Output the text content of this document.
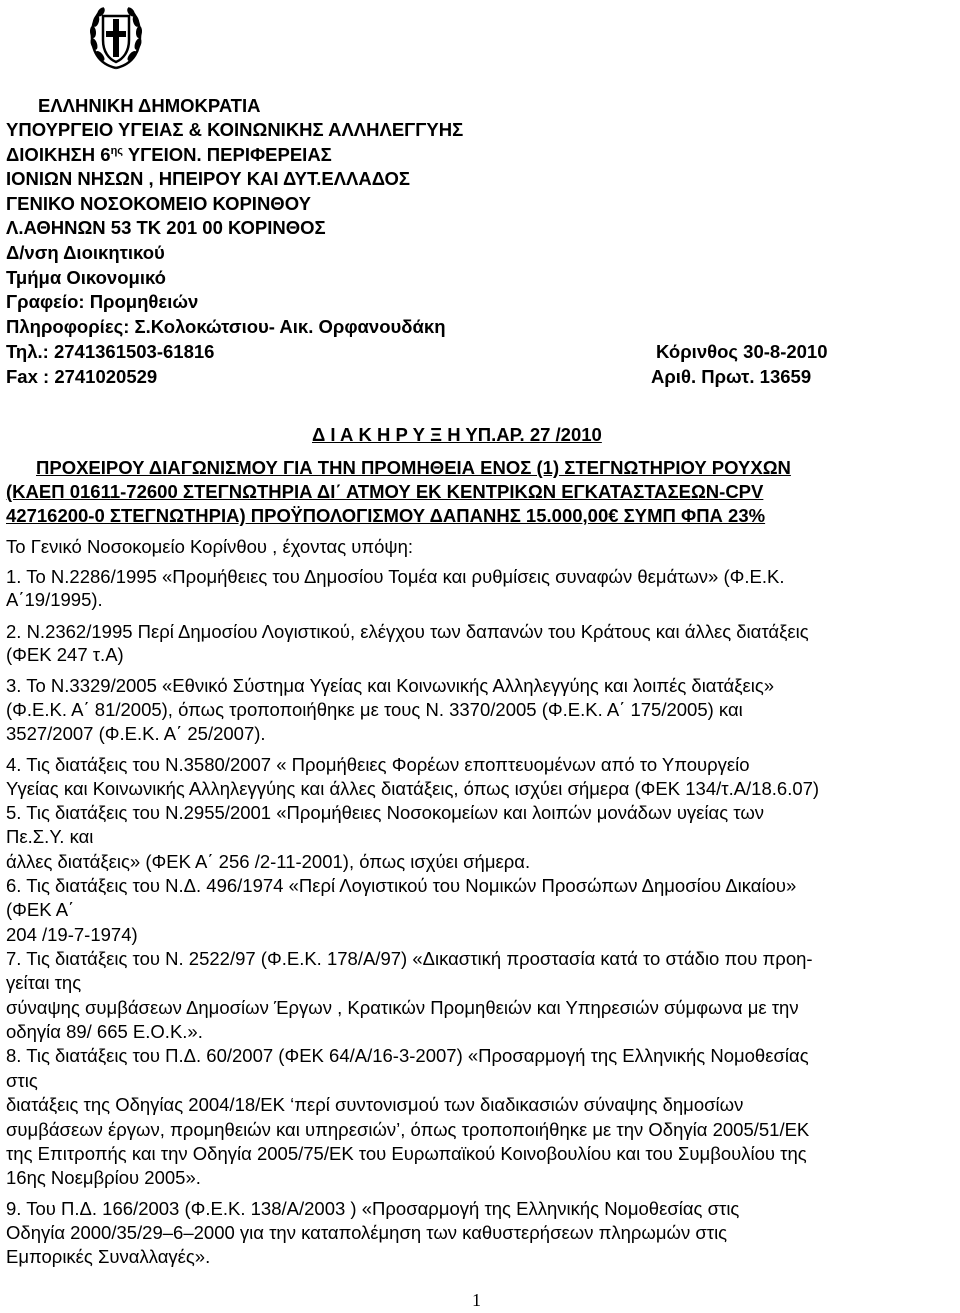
ΕΛΛΗΝΙΚΗ ΔΗΜΟΚΡΑΤΙΑ
ΥΠΟΥΡΓΕΙΟ ΥΓΕΙΑΣ & ΚΟΙΝΩΝΙΚΗΣ ΑΛΛΗΛΕΓΓΥΗΣ
ΔΙΟΙΚΗΣΗ $6^{\eta\varsigma}$ ΥΓΕΙΟΝ. ΠΕΡΙΦΕΡΕΙΑΣ
ΙΟΝΙΩΝ ΝΗΣΩΝ , ΗΠΕΙΡΟΥ ΚΑΙ ΔΥΤ.ΕΛΛΑΔΟΣ
ΓΕΝΙΚΟ ΝΟΣΟΚΟΜΕΙΟ ΚΟΡΙΝΘΟΥ
Λ.ΑΘΗΝΩΝ 53 ΤΚ 201 00 ΚΟΡΙΝΘΟΣ
Δ/νση Διοικητικού
Τμήμα Οικονομικό
Γραφείο: Προμηθειών
Πληροφορίες: Σ.Κολοκώτσιου- Αικ. Ορφανουδάκη
Τηλ.: 2741361503-61816	Κόρινθος 30-8-2010
Fax : 2741020529	Αριθ. Πρωτ. 13659
Δ Ι Α Κ Η Ρ Υ Ξ Η ΥΠ.ΑΡ. 27 /2010
ΠΡΟΧΕΙΡΟΥ ΔΙΑΓΩΝΙΣΜΟΥ ΓΙΑ ΤΗΝ ΠΡΟΜΗΘΕΙΑ ΕΝΟΣ (1) ΣΤΕΓΝΩΤΗΡΙΟΥ ΡΟΥΧΩΝ
(ΚΑΕΠ 01611-72600 ΣΤΕΓΝΩΤΗΡΙΑ ΔΙ΄ ΑΤΜΟΥ ΕΚ ΚΕΝΤΡΙΚΩΝ ΕΓΚΑΤΑΣΤΑΣΕΩΝ-CPV
42716200-0 ΣΤΕΓΝΩΤΗΡΙΑ) ΠΡΟΫΠΟΛΟΓΙΣΜΟΥ ΔΑΠΑΝΗΣ 15.000,00€ ΣΥΜΠ ΦΠΑ 23%
Το Γενικό Νοσοκομείο Κορίνθου , έχοντας υπόψη:
1. Το Ν.2286/1995 «Προμήθειες του Δημοσίου Τομέα και ρυθμίσεις συναφών θεμάτων» (Φ.Ε.Κ.
Α΄19/1995).
2. Ν.2362/1995 Περί Δημοσίου Λογιστικού, ελέγχου των δαπανών του Κράτους και άλλες διατάξεις
(ΦΕΚ 247 τ.Α)
3. Το Ν.3329/2005 «Εθνικό Σύστημα Υγείας και Κοινωνικής Αλληλεγγύης και λοιπές διατάξεις»
(Φ.Ε.Κ. Α΄ 81/2005), όπως τροποποιήθηκε με τους Ν. 3370/2005 (Φ.Ε.Κ. Α΄ 175/2005) και
3527/2007 (Φ.Ε.Κ. Α΄ 25/2007).
4. Τις διατάξεις του Ν.3580/2007 « Προμήθειες Φορέων εποπτευομένων από το Υπουργείο
Υγείας και Κοινωνικής Αλληλεγγύης και άλλες διατάξεις, όπως ισχύει σήμερα (ΦΕΚ 134/τ.Α/18.6.07)
5. Τις διατάξεις του Ν.2955/2001 «Προμήθειες Νοσοκομείων και λοιπών μονάδων υγείας των
Πε.Σ.Υ. και
άλλες διατάξεις» (ΦΕΚ Α΄ 256 /2-11-2001), όπως ισχύει σήμερα.
6. Τις διατάξεις του Ν.Δ. 496/1974 «Περί Λογιστικού του Νομικών Προσώπων Δημοσίου Δικαίου»
(ΦΕΚ Α΄
204 /19-7-1974)
7. Τις διατάξεις του Ν. 2522/97 (Φ.Ε.Κ. 178/Α/97) «Δικαστική προστασία κατά το στάδιο που προη-
γείται της
σύναψης συμβάσεων Δημοσίων Έργων , Κρατικών Προμηθειών και Υπηρεσιών σύμφωνα με την
οδηγία 89/ 665 Ε.Ο.Κ.».
8. Τις διατάξεις του Π.Δ. 60/2007 (ΦΕΚ 64/Α/16-3-2007) «Προσαρμογή της Ελληνικής Νομοθεσίας
στις
διατάξεις της Οδηγίας 2004/18/ΕΚ ‘περί συντονισμού των διαδικασιών σύναψης δημοσίων
συμβάσεων έργων, προμηθειών και υπηρεσιών’, όπως τροποποιήθηκε με την Οδηγία 2005/51/ΕΚ
της Επιτροπής και την Οδηγία 2005/75/ΕΚ του Ευρωπαϊκού Κοινοβουλίου και του Συμβουλίου της
16ης Νοεμβρίου 2005».
9. Του Π.Δ. 166/2003 (Φ.Ε.Κ. 138/Α/2003 ) «Προσαρμογή της Ελληνικής Νομοθεσίας στις
Οδηγία 2000/35/29–6–2000 για την καταπολέμηση των καθυστερήσεων πληρωμών στις
Εμπορικές Συναλλαγές».
1
